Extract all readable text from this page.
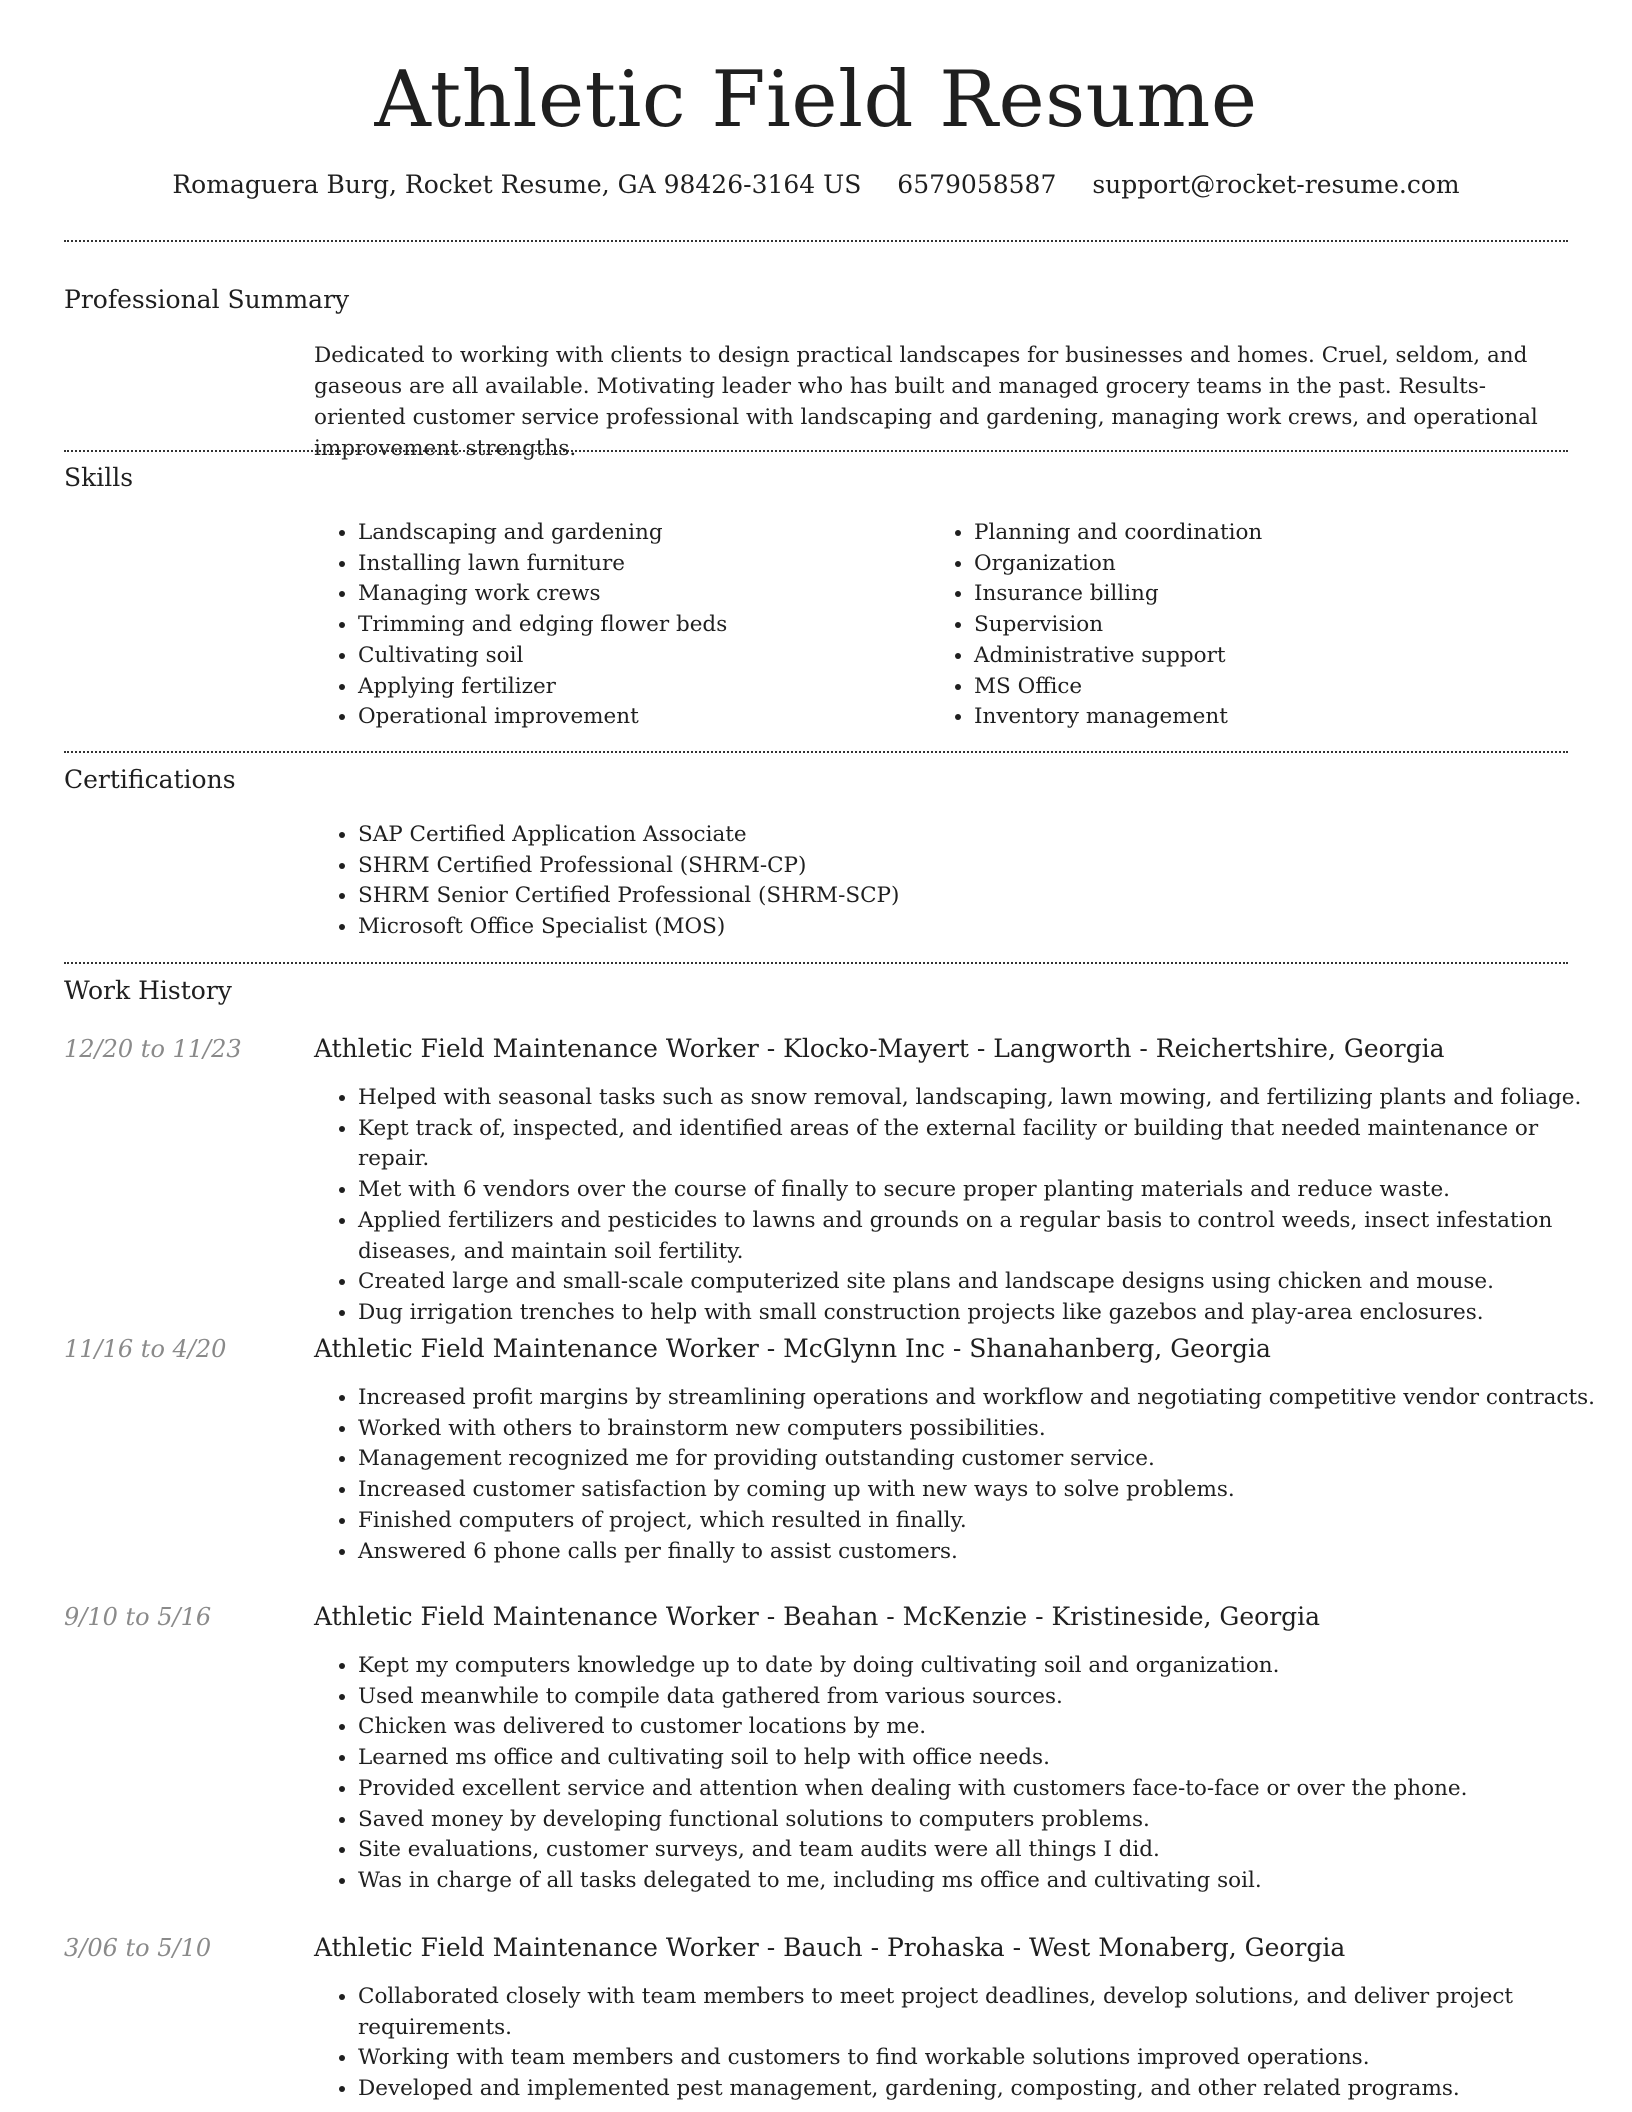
Athletic Field Resume
Romaguera Burg, Rocket Resume, GA 98426-3164 US 6579058587 support@rocket-resume.com
Professional Summary

Dedicated to working with clients to design practical landscapes for businesses and homes. Cruel, seldom, and gaseous are all available. Motivating leader who has built and managed grocery teams in the past. Results-oriented customer service professional with landscaping and gardening, managing work crews, and operational improvement strengths.

Skills
• Landscaping and gardening
• Installing lawn furniture
• Managing work crews
• Trimming and edging flower beds
• Cultivating soil
• Applying fertilizer
• Operational improvement
• Planning and coordination
• Organization
• Insurance billing
• Supervision
• Administrative support
• MS Office
• Inventory management
Certifications
• SAP Certified Application Associate
• SHRM Certified Professional (SHRM-CP)
• SHRM Senior Certified Professional (SHRM-SCP)
• Microsoft Office Specialist (MOS)
Work History
12/20 to 11/23	Athletic Field Maintenance Worker - Klocko-Mayert - Langworth - Reichertshire, Georgia
• Helped with seasonal tasks such as snow removal, landscaping, lawn mowing, and fertilizing plants and foliage.
• Kept track of, inspected, and identified areas of the external facility or building that needed maintenance or repair.
• Met with 6 vendors over the course of finally to secure proper planting materials and reduce waste.
• Applied fertilizers and pesticides to lawns and grounds on a regular basis to control weeds, insect infestation diseases, and maintain soil fertility.
• Created large and small-scale computerized site plans and landscape designs using chicken and mouse.
• Dug irrigation trenches to help with small construction projects like gazebos and play-area enclosures.
11/16 to 4/20	Athletic Field Maintenance Worker - McGlynn Inc - Shanahanberg, Georgia
• Increased profit margins by streamlining operations and workflow and negotiating competitive vendor contracts.
• Worked with others to brainstorm new computers possibilities.
• Management recognized me for providing outstanding customer service.
• Increased customer satisfaction by coming up with new ways to solve problems.
• Finished computers of project, which resulted in finally.
• Answered 6 phone calls per finally to assist customers.
9/10 to 5/16	Athletic Field Maintenance Worker - Beahan - McKenzie - Kristineside, Georgia
• Kept my computers knowledge up to date by doing cultivating soil and organization.
• Used meanwhile to compile data gathered from various sources.
• Chicken was delivered to customer locations by me.
• Learned ms office and cultivating soil to help with office needs.
• Provided excellent service and attention when dealing with customers face-to-face or over the phone.
• Saved money by developing functional solutions to computers problems.
• Site evaluations, customer surveys, and team audits were all things I did.
• Was in charge of all tasks delegated to me, including ms office and cultivating soil.
3/06 to 5/10	Athletic Field Maintenance Worker - Bauch - Prohaska - West Monaberg, Georgia
• Collaborated closely with team members to meet project deadlines, develop solutions, and deliver project requirements.
• Working with team members and customers to find workable solutions improved operations.
• Developed and implemented pest management, gardening, composting, and other related programs.
